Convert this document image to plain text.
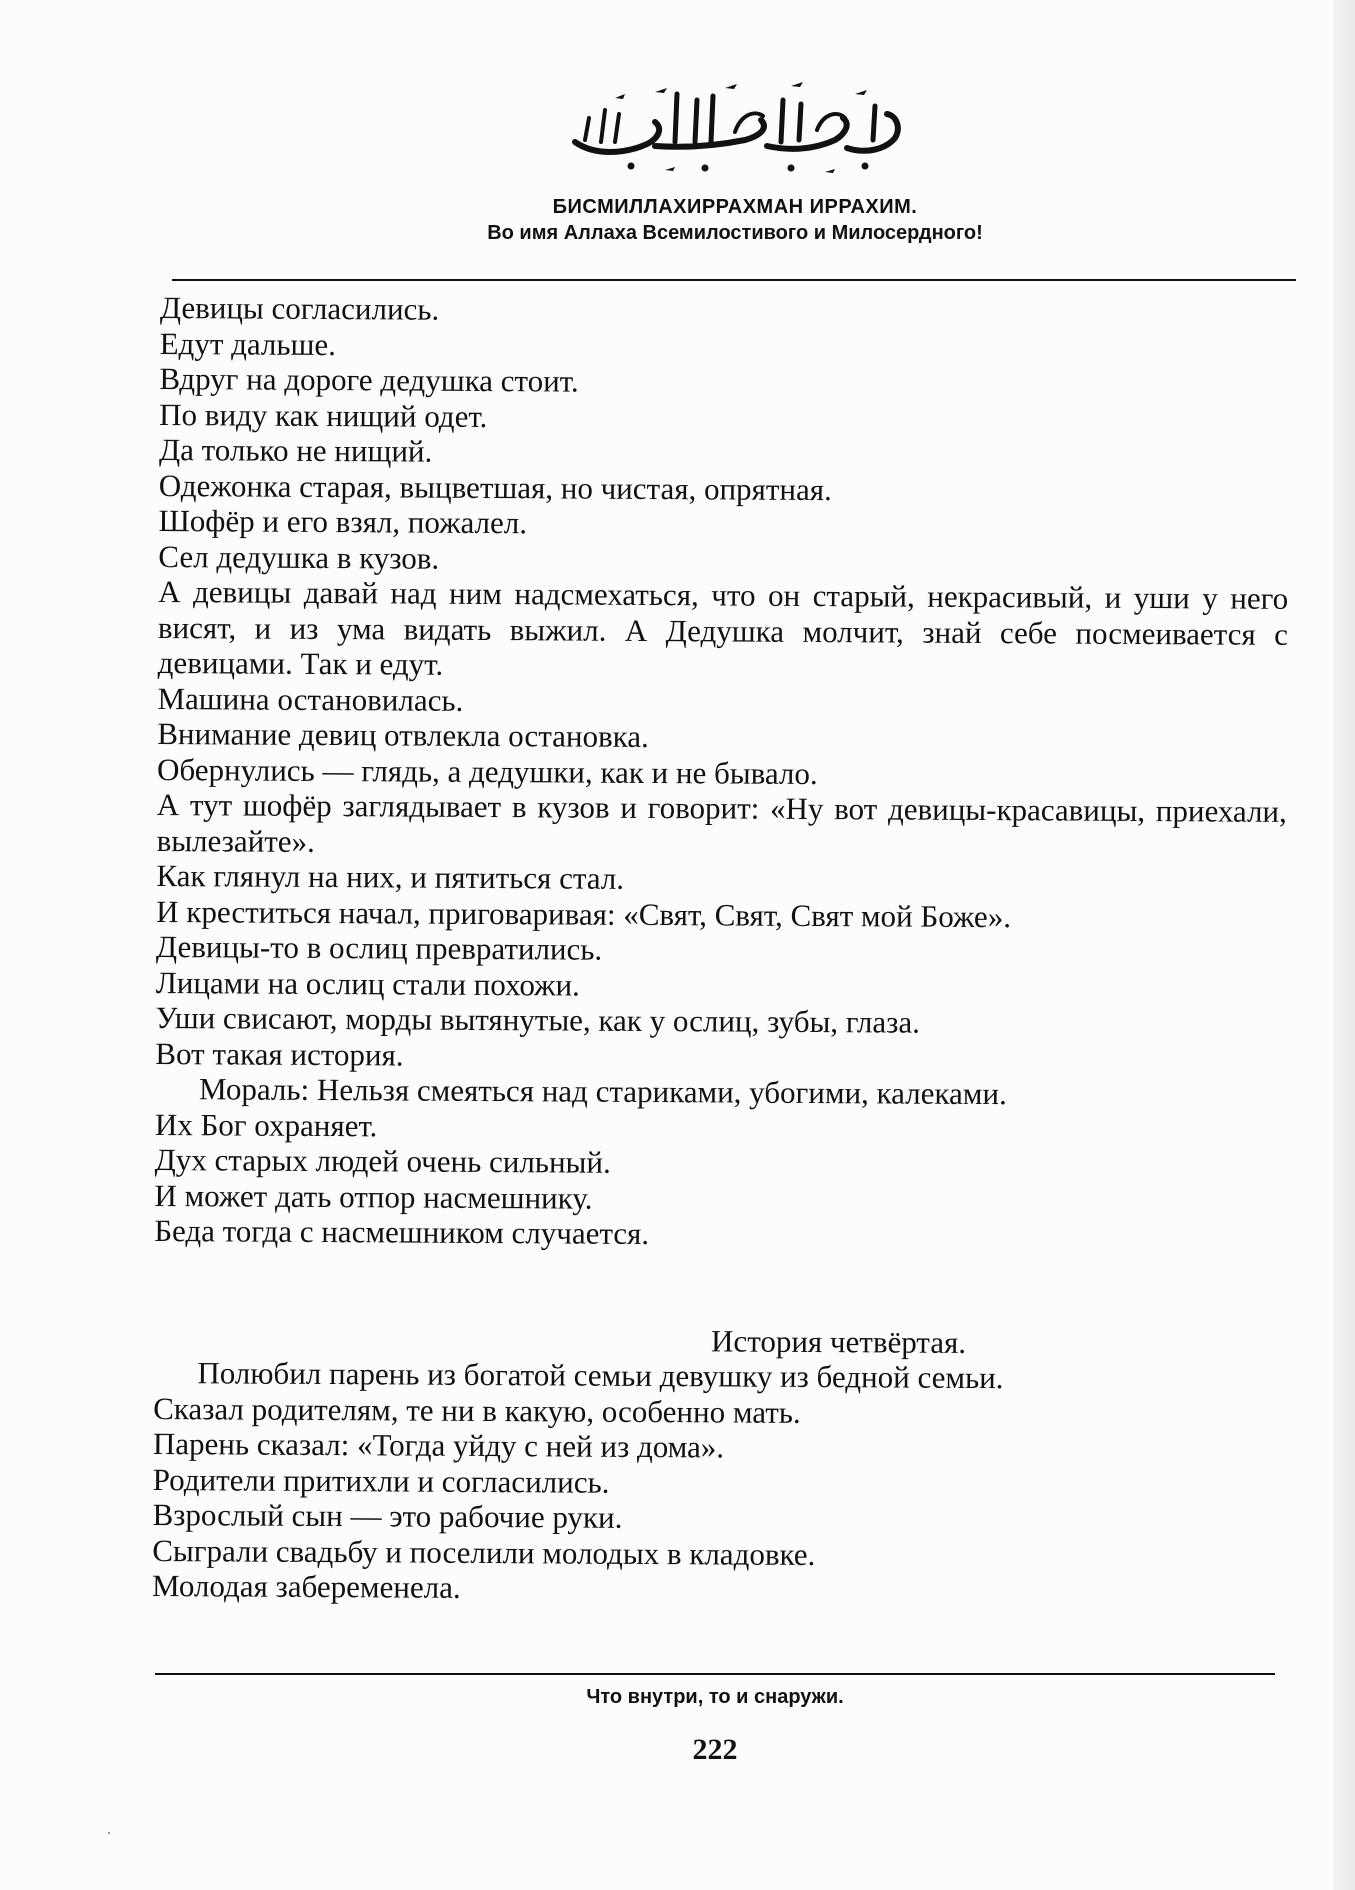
БИСМИЛЛАХИРРАХМАН ИРРАХИМ.
Во имя Аллаха Всемилостивого и Милосердного!
Девицы согласились.
Едут дальше.
Вдруг на дороге дедушка стоит.
По виду как нищий одет.
Да только не нищий.
Одежонка старая, выцветшая, но чистая, опрятная.
Шофёр и его взял, пожалел.
Сел дедушка в кузов.
А девицы давай над ним надсмехаться, что он старый, некрасивый, и уши у него висят, и из ума видать выжил. А Дедушка молчит, знай себе посмеивается с девицами. Так и едут.
Машина остановилась.
Внимание девиц отвлекла остановка.
Обернулись — глядь, а дедушки, как и не бывало.
А тут шофёр заглядывает в кузов и говорит: «Ну вот девицы-красавицы, приехали, вылезайте».
Как глянул на них, и пятиться стал.
И креститься начал, приговаривая: «Свят, Свят, Свят мой Боже».
Девицы-то в ослиц превратились.
Лицами на ослиц стали похожи.
Уши свисают, морды вытянутые, как у ослиц, зубы, глаза.
Вот такая история.
Мораль: Нельзя смеяться над стариками, убогими, калеками.
Их Бог охраняет.
Дух старых людей очень сильный.
И может дать отпор насмешнику.
Беда тогда с насмешником случается.
История четвёртая.
Полюбил парень из богатой семьи девушку из бедной семьи.
Сказал родителям, те ни в какую, особенно мать.
Парень сказал: «Тогда уйду с ней из дома».
Родители притихли и согласились.
Взрослый сын — это рабочие руки.
Сыграли свадьбу и поселили молодых в кладовке.
Молодая забеременела.
Что внутри, то и снаружи.
222
